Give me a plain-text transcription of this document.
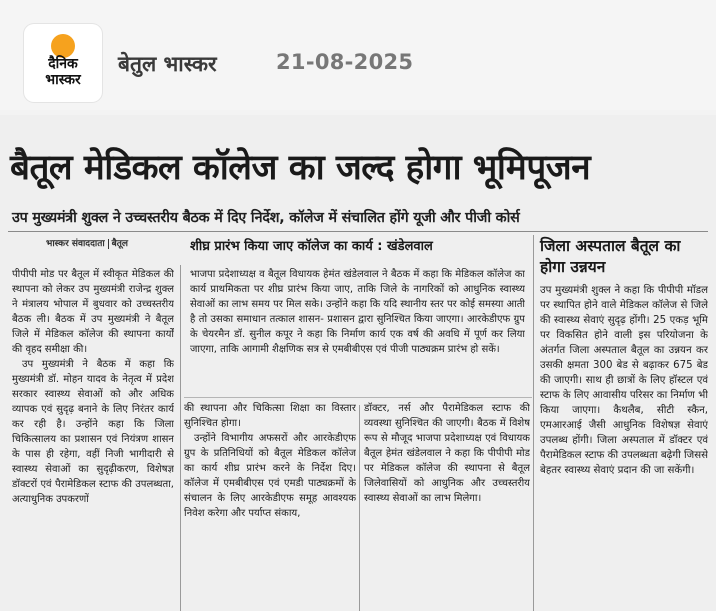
दैनिक
भास्कर
बेतुल भास्कर	21-08-2025
बैतूल मेडिकल कॉलेज का जल्द होगा भूमिपूजन
उप मुख्यमंत्री शुक्ल ने उच्चस्तरीय बैठक में दिए निर्देश, कॉलेज में संचालित होंगे यूजी और पीजी कोर्स
भास्कर संवाददाता बैतूल	शीघ्र प्रारंभ किया जाए कॉलेज का कार्य : खंडेलवाल	जिला अस्पताल बैतूल का होगा उन्नयन

पीपीपी मोड पर बैतूल में स्वीकृत मेडिकल की स्थापना को लेकर उप मुख्यमंत्री राजेन्द्र शुक्ल ने मंत्रालय भोपाल में बुधवार को उच्चस्तरीय बैठक ली। बैठक में उप मुख्यमंत्री ने बैतूल जिले में मेडिकल कॉलेज की स्थापना कार्यों की वृहद समीक्षा की।

उप मुख्यमंत्री ने बैठक में कहा कि मुख्यमंत्री डॉ. मोहन यादव के नेतृत्व में प्रदेश सरकार स्वास्थ्य सेवाओं को और अधिक व्यापक एवं सुदृढ़ बनाने के लिए निरंतर कार्य कर रही है। उन्होंने कहा कि जिला चिकित्सालय का प्रशासन एवं नियंत्रण शासन के पास ही रहेगा, वहीं निजी भागीदारी से स्वास्थ्य सेवाओं का सुदृढ़ीकरण, विशेषज्ञ डॉक्टरों एवं पैरामेडिकल स्टाफ की उपलब्धता, अत्याधुनिक उपकरणों

भाजपा प्रदेशाध्यक्ष व बैतूल विधायक हेमंत खंडेलवाल ने बैठक में कहा कि मेडिकल कॉलेज का कार्य प्राथमिकता पर शीघ्र प्रारंभ किया जाए, ताकि जिले के नागरिकों को आधुनिक स्वास्थ्य सेवाओं का लाभ समय पर मिल सके। उन्होंने कहा कि यदि स्थानीय स्तर पर कोई समस्या आती है तो उसका समाधान तत्काल शासन- प्रशासन द्वारा सुनिश्चित किया जाएगा। आरकेडीएफ ग्रुप के चेयरमैन डॉ. सुनील कपूर ने कहा कि निर्माण कार्य एक वर्ष की अवधि में पूर्ण कर लिया जाएगा, ताकि आगामी शैक्षणिक सत्र से एमबीबीएस एवं पीजी पाठ्यक्रम प्रारंभ हो सकें।

की स्थापना और चिकित्सा शिक्षा का विस्तार सुनिश्चित होगा।

उन्होंने विभागीय अफसरों और आरकेडीएफ ग्रुप के प्रतिनिधियों को बैतूल मेडिकल कॉलेज का कार्य शीघ्र प्रारंभ करने के निर्देश दिए। कॉलेज में एमबीबीएस एवं एमडी पाठ्यक्रमों के संचालन के लिए आरकेडीएफ समूह आवश्यक निवेश करेगा और पर्याप्त संकाय,

डॉक्टर, नर्स और पैरामेडिकल स्टाफ की व्यवस्था सुनिश्चित की जाएगी। बैठक में विशेष रूप से मौजूद भाजपा प्रदेशाध्यक्ष एवं विधायक बैतूल हेमंत खंडेलवाल ने कहा कि पीपीपी मोड पर मेडिकल कॉलेज की स्थापना से बैतूल जिलेवासियों को आधुनिक और उच्चस्तरीय स्वास्थ्य सेवाओं का लाभ मिलेगा।

उप मुख्यमंत्री शुक्ल ने कहा कि पीपीपी मॉडल पर स्थापित होने वाले मेडिकल कॉलेज से जिले की स्वास्थ्य सेवाएं सुदृढ़ होंगी। 25 एकड़ भूमि पर विकसित होने वाली इस परियोजना के अंतर्गत जिला अस्पताल बैतूल का उन्नयन कर उसकी क्षमता 300 बेड से बढ़ाकर 675 बेड की जाएगी। साथ ही छात्रों के लिए हॉस्टल एवं स्टाफ के लिए आवासीय परिसर का निर्माण भी किया जाएगा। कैथलैब, सीटी स्कैन, एमआरआई जैसी आधुनिक विशेषज्ञ सेवाएं उपलब्ध होंगी। जिला अस्पताल में डॉक्टर एवं पैरामेडिकल स्टाफ की उपलब्धता बढ़ेगी जिससे बेहतर स्वास्थ्य सेवाएं प्रदान की जा सकेंगी।
